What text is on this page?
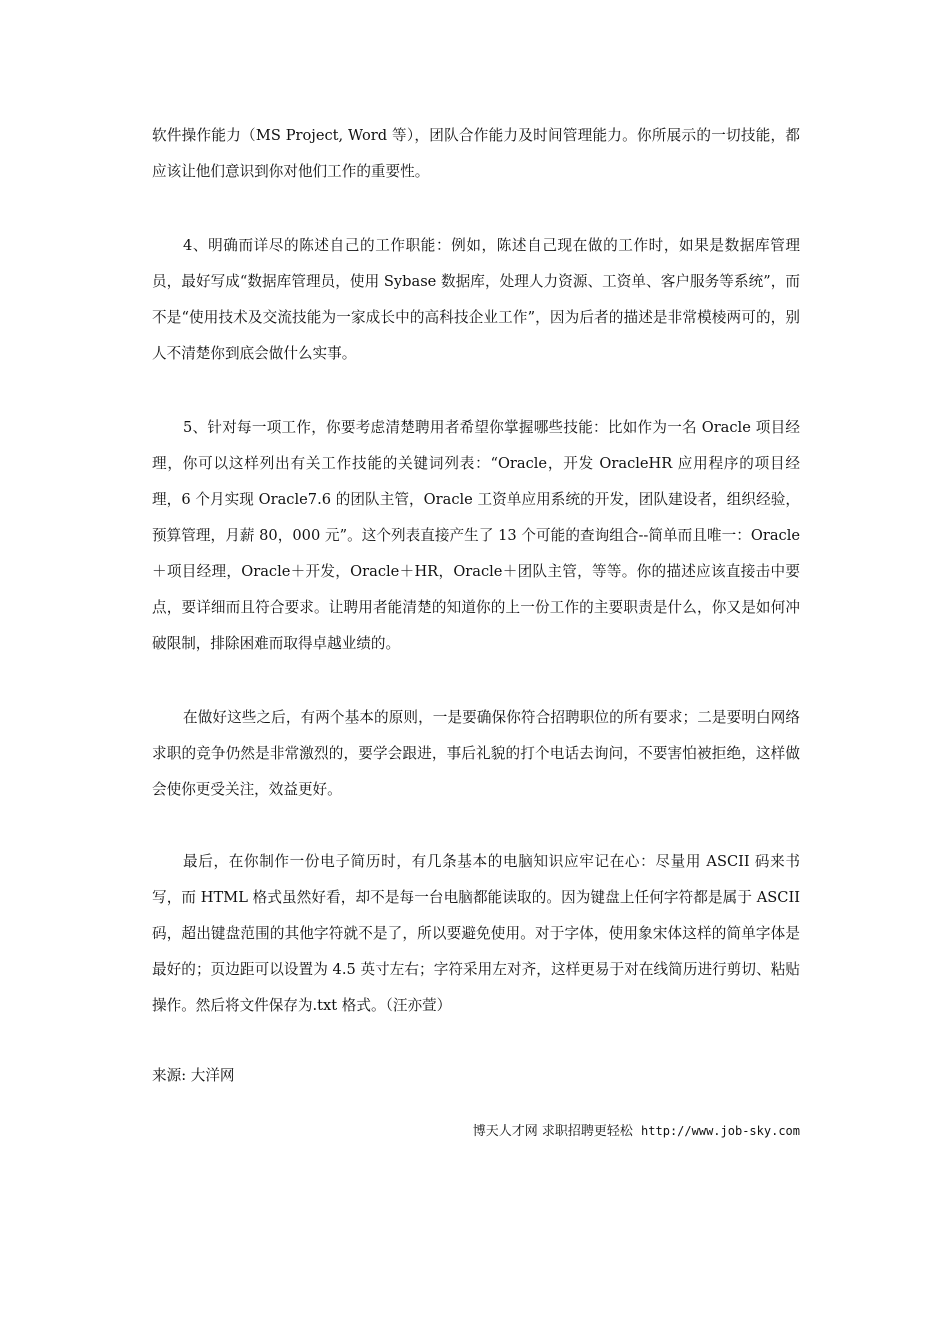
软件操作能力（MS Project, Word 等），团队合作能力及时间管理能力。你所展示的一切技能，都应该让他们意识到你对他们工作的重要性。

4、明确而详尽的陈述自己的工作职能：例如，陈述自己现在做的工作时，如果是数据库管理员，最好写成“数据库管理员，使用 Sybase 数据库，处理人力资源、工资单、客户服务等系统”，而不是“使用技术及交流技能为一家成长中的高科技企业工作”，因为后者的描述是非常模棱两可的，别人不清楚你到底会做什么实事。

5、针对每一项工作，你要考虑清楚聘用者希望你掌握哪些技能：比如作为一名 Oracle 项目经理，你可以这样列出有关工作技能的关键词列表：“Oracle，开发 OracleHR 应用程序的项目经理，6 个月实现 Oracle7.6 的团队主管，Oracle 工资单应用系统的开发，团队建设者，组织经验，预算管理，月薪 80，000 元”。这个列表直接产生了 13 个可能的查询组合--简单而且唯一：Oracle＋项目经理，Oracle＋开发，Oracle＋HR，Oracle＋团队主管，等等。你的描述应该直接击中要点，要详细而且符合要求。让聘用者能清楚的知道你的上一份工作的主要职责是什么，你又是如何冲破限制，排除困难而取得卓越业绩的。

在做好这些之后，有两个基本的原则，一是要确保你符合招聘职位的所有要求；二是要明白网络求职的竞争仍然是非常激烈的，要学会跟进，事后礼貌的打个电话去询问，不要害怕被拒绝，这样做会使你更受关注，效益更好。

最后，在你制作一份电子简历时，有几条基本的电脑知识应牢记在心：尽量用 ASCII 码来书写，而 HTML 格式虽然好看，却不是每一台电脑都能读取的。因为键盘上任何字符都是属于 ASCII 码，超出键盘范围的其他字符就不是了，所以要避免使用。对于字体，使用象宋体这样的简单字体是最好的；页边距可以设置为 4.5 英寸左右；字符采用左对齐，这样更易于对在线简历进行剪切、粘贴操作。然后将文件保存为.txt 格式。（汪亦萱）

来源: 大洋网

博天人才网 求职招聘更轻松 http://www.job-sky.com
